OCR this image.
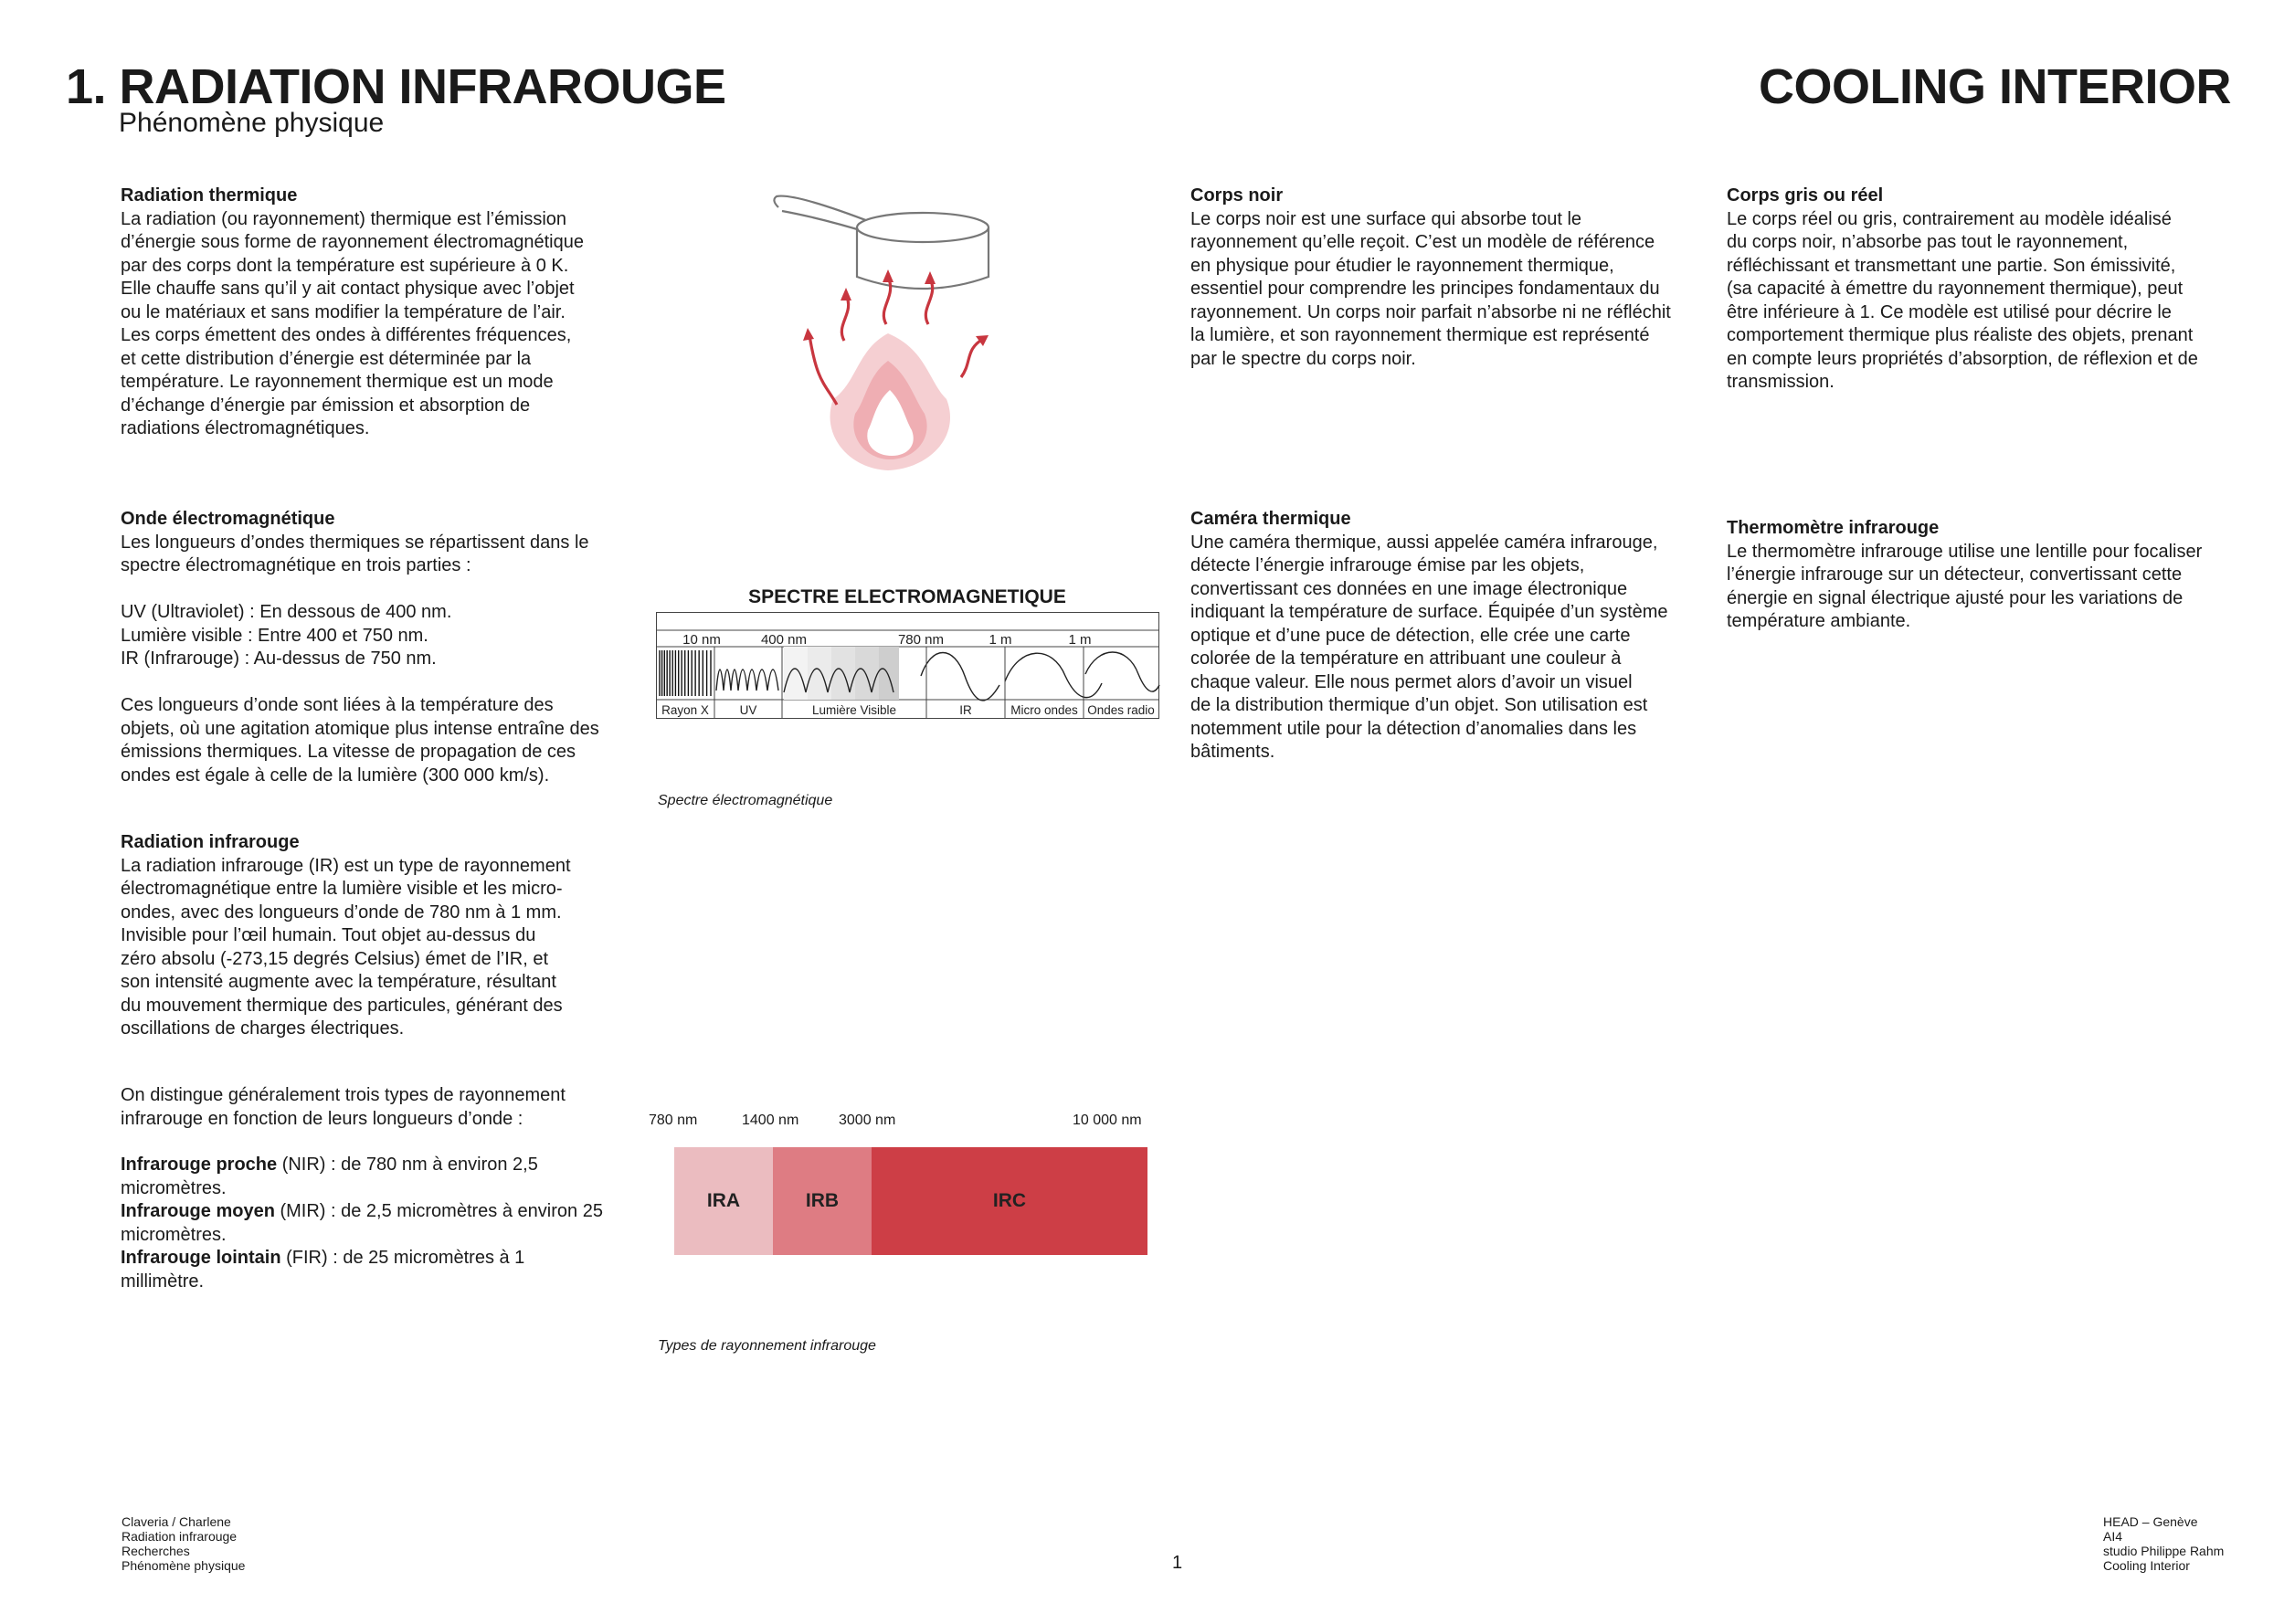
1. RADIATION INFRAROUGE
Phénomène physique
COOLING INTERIOR
Radiation thermique

La radiation (ou rayonnement) thermique est l’émission
d’énergie sous forme de rayonnement électromagnétique
par des corps dont la température est supérieure à 0 K.
Elle chauffe sans qu’il y ait contact physique avec l’objet
ou le matériaux et sans modifier la température de l’air.
Les corps émettent des ondes à différentes fréquences,
et cette distribution d’énergie est déterminée par la
température. Le rayonnement thermique est un mode
d’échange d’énergie par émission et absorption de
radiations électromagnétiques.

Onde électromagnétique

Les longueurs d’ondes thermiques se répartissent dans le
spectre électromagnétique en trois parties :

UV (Ultraviolet) : En dessous de 400 nm.
Lumière visible : Entre 400 et 750 nm.
IR (Infrarouge) : Au-dessus de 750 nm.

Ces longueurs d’onde sont liées à la température des
objets, où une agitation atomique plus intense entraîne des
émissions thermiques. La vitesse de propagation de ces
ondes est égale à celle de la lumière (300 000 km/s).

Radiation infrarouge

La radiation infrarouge (IR) est un type de rayonnement
électromagnétique entre la lumière visible et les micro-
ondes, avec des longueurs d’onde de 780 nm à 1 mm.
Invisible pour l’œil humain. Tout objet au-dessus du
zéro absolu (-273,15 degrés Celsius) émet de l’IR, et
son intensité augmente avec la température, résultant
du mouvement thermique des particules, générant des
oscillations de charges électriques.

On distingue généralement trois types de rayonnement
infrarouge en fonction de leurs longueurs d’onde :

Infrarouge proche (NIR) : de 780 nm à environ 2,5
micromètres.

Infrarouge moyen (MIR) : de 2,5 micromètres à environ 25
micromètres.

Infrarouge lointain (FIR) : de 25 micromètres à 1
millimètre.

SPECTRE ELECTROMAGNETIQUE
10 nm	400 nm	780 nm	1 m	1 m
Rayon X UV	Lumière Visible	IR	Micro ondes Ondes radio
Spectre électromagnétique
780 nm	1400 nm	3000 nm	10 000 nm
IRA	IRB	IRC
Types de rayonnement infrarouge
Corps noir

Le corps noir est une surface qui absorbe tout le
rayonnement qu’elle reçoit. C’est un modèle de référence
en physique pour étudier le rayonnement thermique,
essentiel pour comprendre les principes fondamentaux du
rayonnement. Un corps noir parfait n’absorbe ni ne réfléchit
la lumière, et son rayonnement thermique est représenté
par le spectre du corps noir.

Caméra thermique

Une caméra thermique, aussi appelée caméra infrarouge,
détecte l’énergie infrarouge émise par les objets,
convertissant ces données en une image électronique
indiquant la température de surface. Équipée d’un système
optique et d’une puce de détection, elle crée une carte
colorée de la température en attribuant une couleur à
chaque valeur. Elle nous permet alors d’avoir un visuel
de la distribution thermique d’un objet. Son utilisation est
notemment utile pour la détection d’anomalies dans les
bâtiments.

Corps gris ou réel

Le corps réel ou gris, contrairement au modèle idéalisé
du corps noir, n’absorbe pas tout le rayonnement,
réfléchissant et transmettant une partie. Son émissivité,
(sa capacité à émettre du rayonnement thermique), peut
être inférieure à 1. Ce modèle est utilisé pour décrire le
comportement thermique plus réaliste des objets, prenant
en compte leurs propriétés d’absorption, de réflexion et de
transmission.

Thermomètre infrarouge

Le thermomètre infrarouge utilise une lentille pour focaliser
l’énergie infrarouge sur un détecteur, convertissant cette
énergie en signal électrique ajusté pour les variations de
température ambiante.

Claveria / Charlene
Radiation infrarouge
Recherches
Phénomène physique	1
HEAD – Genève
AI4
studio Philippe Rahm
Cooling Interior
